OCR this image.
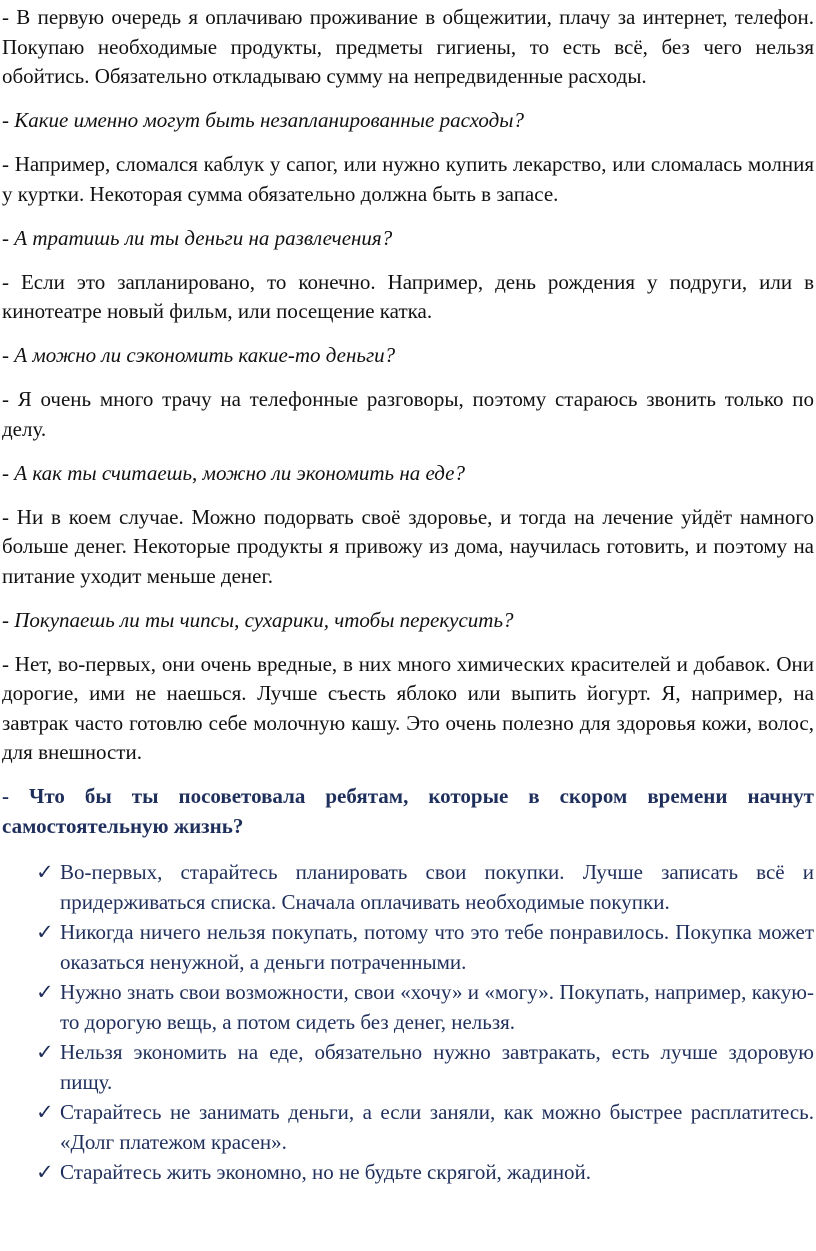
- В первую очередь я оплачиваю проживание в общежитии, плачу за интернет, телефон. Покупаю необходимые продукты, предметы гигиены, то есть всё, без чего нельзя обойтись. Обязательно откладываю сумму на непредвиденные расходы.

- Какие именно могут быть незапланированные расходы?

- Например, сломался каблук у сапог, или нужно купить лекарство, или сломалась молния у куртки. Некоторая сумма обязательно должна быть в запасе.

- А тратишь ли ты деньги на развлечения?

- Если это запланировано, то конечно. Например, день рождения у подруги, или в кинотеатре новый фильм, или посещение катка.

- А можно ли сэкономить какие-то деньги?

- Я очень много трачу на телефонные разговоры, поэтому стараюсь звонить только по делу.

- А как ты считаешь, можно ли экономить на еде?

- Ни в коем случае. Можно подорвать своё здоровье, и тогда на лечение уйдёт намного больше денег. Некоторые продукты я привожу из дома, научилась готовить, и поэтому на питание уходит меньше денег.

- Покупаешь ли ты чипсы, сухарики, чтобы перекусить?

- Нет, во-первых, они очень вредные, в них много химических красителей и добавок. Они дорогие, ими не наешься. Лучше съесть яблоко или выпить йогурт. Я, например, на завтрак часто готовлю себе молочную кашу. Это очень полезно для здоровья кожи, волос, для внешности.

- Что бы ты посоветовала ребятам, которые в скором времени начнут самостоятельную жизнь?

✓ Во-первых, старайтесь планировать свои покупки. Лучше записать всё и придерживаться списка. Сначала оплачивать необходимые покупки.
✓ Никогда ничего нельзя покупать, потому что это тебе понравилось. Покупка может оказаться ненужной, а деньги потраченными.
✓ Нужно знать свои возможности, свои «хочу» и «могу». Покупать, например, какую-то дорогую вещь, а потом сидеть без денег, нельзя.
✓ Нельзя экономить на еде, обязательно нужно завтракать, есть лучше здоровую пищу.
✓ Старайтесь не занимать деньги, а если заняли, как можно быстрее расплатитесь. «Долг платежом красен».
✓ Старайтесь жить экономно, но не будьте скрягой, жадиной.
